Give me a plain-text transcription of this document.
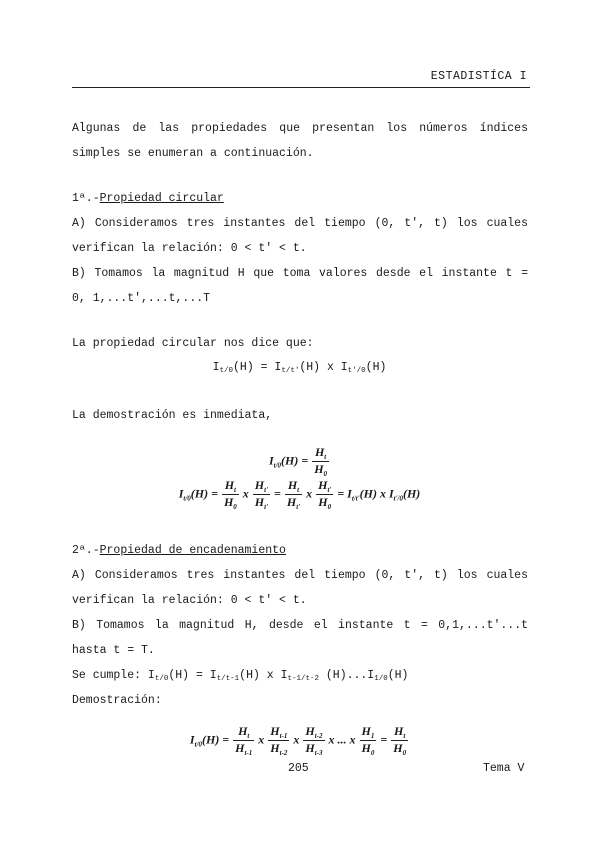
ESTADISTÍCA I
Algunas de las propiedades que presentan los números índices
simples se enumeran a continuación.
1ª.-Propiedad circular
A) Consideramos tres instantes del tiempo (0, t', t) los cuales
verifican la relación: 0 < t' < t.
B) Tomamos la magnitud H que toma valores desde el instante t =
0, 1,...t',...t,...T
La propiedad circular nos dice que:
$I_{t/0}(H) = I_{t/t'}(H)$ x $I_{t'/0}(H)$
La demostración es inmediata,
$I_{t/0}(H) = \frac{H_t}{H_0}$
$I_{t/0}(H) = \frac{H_t}{H_0}$ x $\frac{H_{t'}}{H_{t'}} = \frac{H_t}{H_{t'}}$ x $\frac{H_{t'}}{H_0} = I_{t/t'}(H)$ x $I_{t'/0}(H)$
2ª.-Propiedad de encadenamiento
A) Consideramos tres instantes del tiempo (0, t', t) los cuales
verifican la relación: 0 < t' < t.
B) Tomamos la magnitud H, desde el instante t = 0,1,...t'...t
hasta t = T.
Se cumple: $I_{t/0}(H) = I_{t/t-1}(H)$ x $I_{t-1/t-2}$ $(H)...I_{1/0}(H)$
Demostración:
$I_{t/0}(H) = \frac{H_t}{H_{t-1}}$ x $\frac{H_{t-1}}{H_{t-2}}$ x $\frac{H_{t-2}}{H_{t-3}}$ x ... x $\frac{H_1}{H_0} = \frac{H_t}{H_0}$
205	Tema V
